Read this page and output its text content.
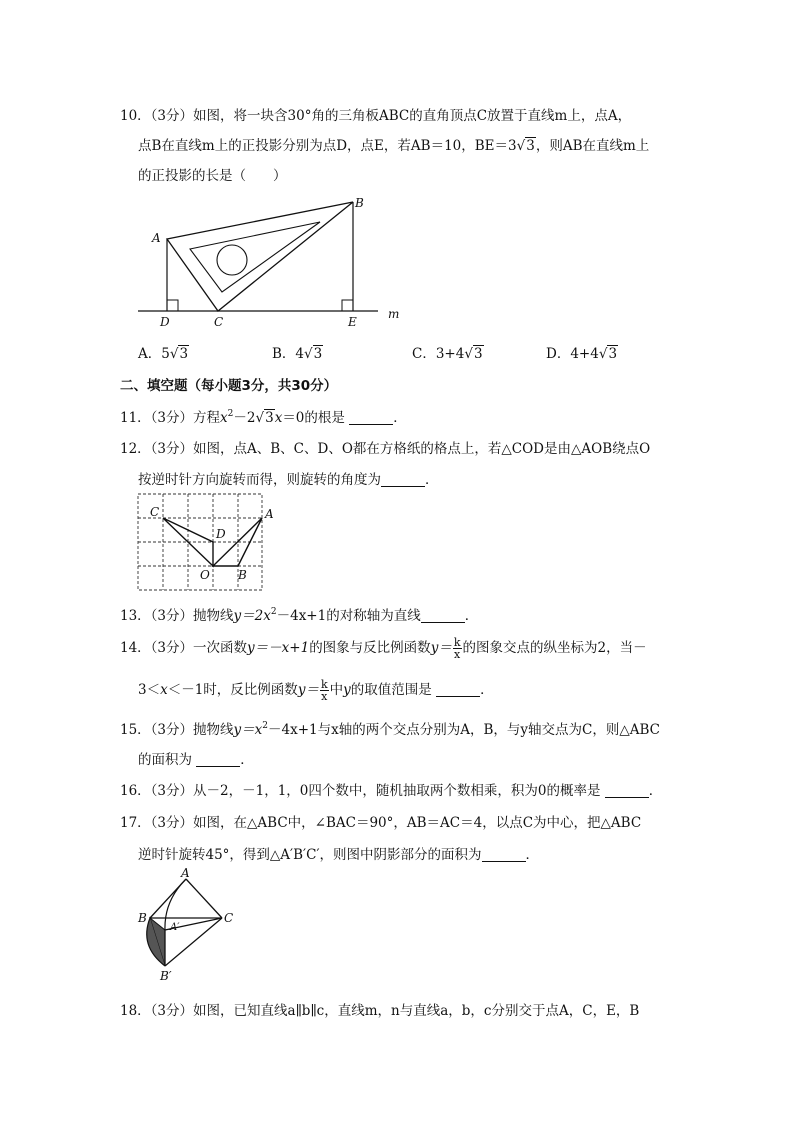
10．（3分）如图，将一块含30°角的三角板ABC的直角顶点C放置于直线m上，点A，
点B在直线m上的正投影分别为点D，点E，若AB＝10，BE＝3√3，则AB在直线m上
的正投影的长是（　　）
A
B
C
D	E
m
A．5√3	B．4√3	C．3+4√3	D．4+4√3
二、填空题（每小题3分，共30分）
11．（3分）方程$x^2-2√3x=0$的根是	．
12．（3分）如图，点A、B、C、D、O都在方格纸的格点上，若△COD是由△AOB绕点O
按逆时针方向旋转而得，则旋转的角度为	．
C	A
D
O B
13．（3分）抛物线$y=2x^2-4x+1$的对称轴为直线	．
14．（3分）一次函数y＝－x+1的图象与反比例函数$y= \frac{k}{x}$ 的图象交点的纵坐标为2，当－
3＜x＜－1时，反比例函数$y= \frac{k}{x}$ 中y的取值范围是	．
15．（3分）抛物线$y=x^2-4x+1$与x轴的两个交点分别为A，B，与y轴交点为C，则△ABC
的面积为	．
16．（3分）从－2，－1，1，0四个数中，随机抽取两个数相乘，积为0的概率是	．
17．（3分）如图，在△ABC中，∠BAC＝90°，AB＝AC＝4，以点C为中心，把△ABC
逆时针旋转45°，得到△A′B′C′，则图中阴影部分的面积为	．
A
B	C
A′
B′
18．（3分）如图，已知直线a∥b∥c，直线m，n与直线a，b，c分别交于点A，C，E，B
